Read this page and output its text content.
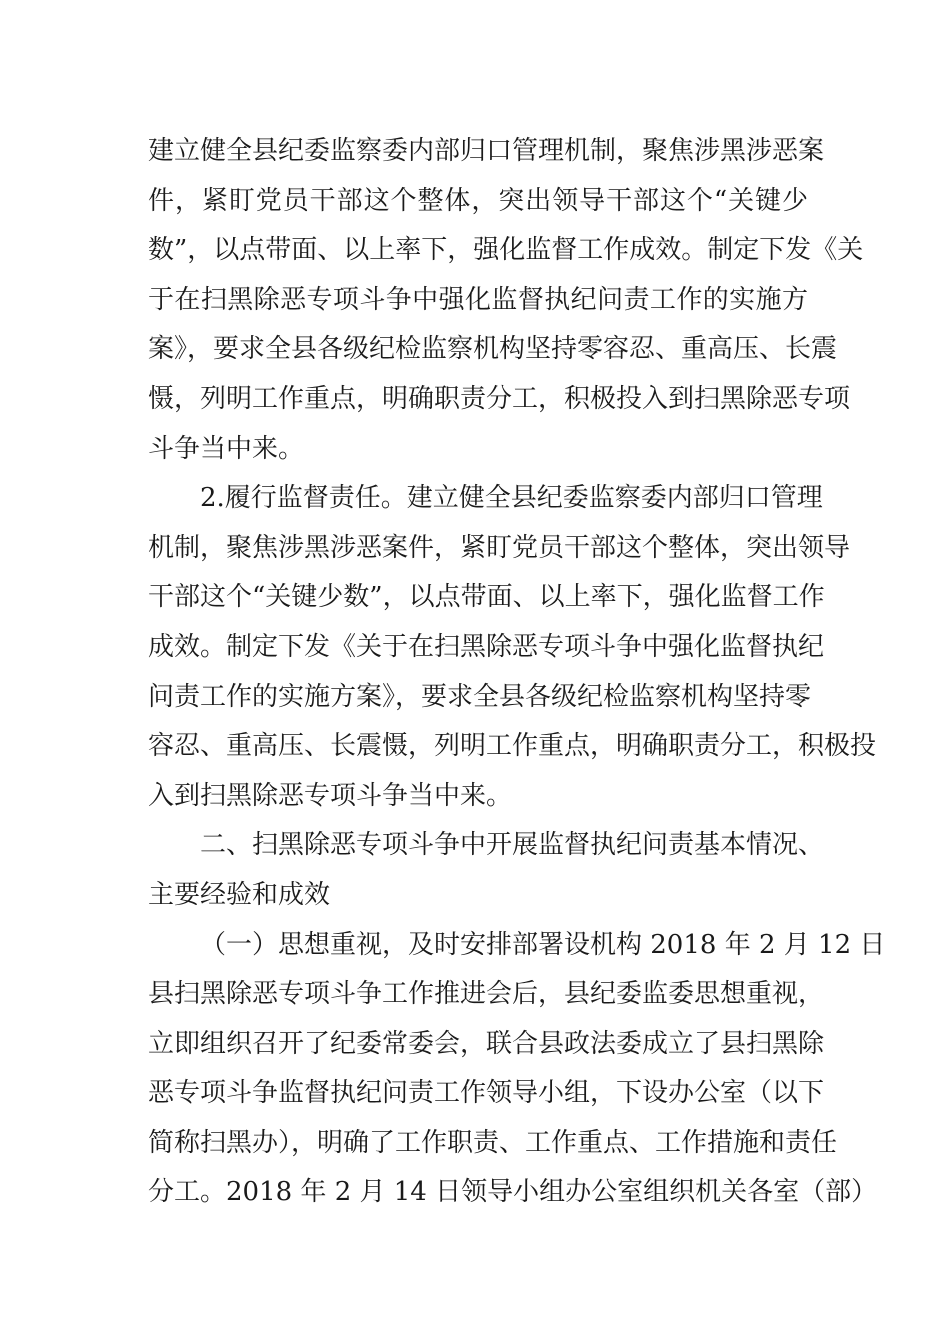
建立健全县纪委监察委内部归口管理机制，聚焦涉黑涉恶案
件，紧盯党员干部这个整体，突出领导干部这个“关键少
数”，以点带面、以上率下，强化监督工作成效。制定下发《关
于在扫黑除恶专项斗争中强化监督执纪问责工作的实施方
案》，要求全县各级纪检监察机构坚持零容忍、重高压、长震
慑，列明工作重点，明确职责分工，积极投入到扫黑除恶专项
斗争当中来。
2.履行监督责任。建立健全县纪委监察委内部归口管理
机制，聚焦涉黑涉恶案件，紧盯党员干部这个整体，突出领导
干部这个“关键少数”，以点带面、以上率下，强化监督工作
成效。制定下发《关于在扫黑除恶专项斗争中强化监督执纪
问责工作的实施方案》，要求全县各级纪检监察机构坚持零
容忍、重高压、长震慑，列明工作重点，明确职责分工，积极投
入到扫黑除恶专项斗争当中来。
二、扫黑除恶专项斗争中开展监督执纪问责基本情况、
主要经验和成效
（一）思想重视，及时安排部署设机构 2018 年 2 月 12 日
县扫黑除恶专项斗争工作推进会后，县纪委监委思想重视，
立即组织召开了纪委常委会，联合县政法委成立了县扫黑除
恶专项斗争监督执纪问责工作领导小组，下设办公室（以下
简称扫黑办），明确了工作职责、工作重点、工作措施和责任
分工。2018 年 2 月 14 日领导小组办公室组织机关各室（部）
